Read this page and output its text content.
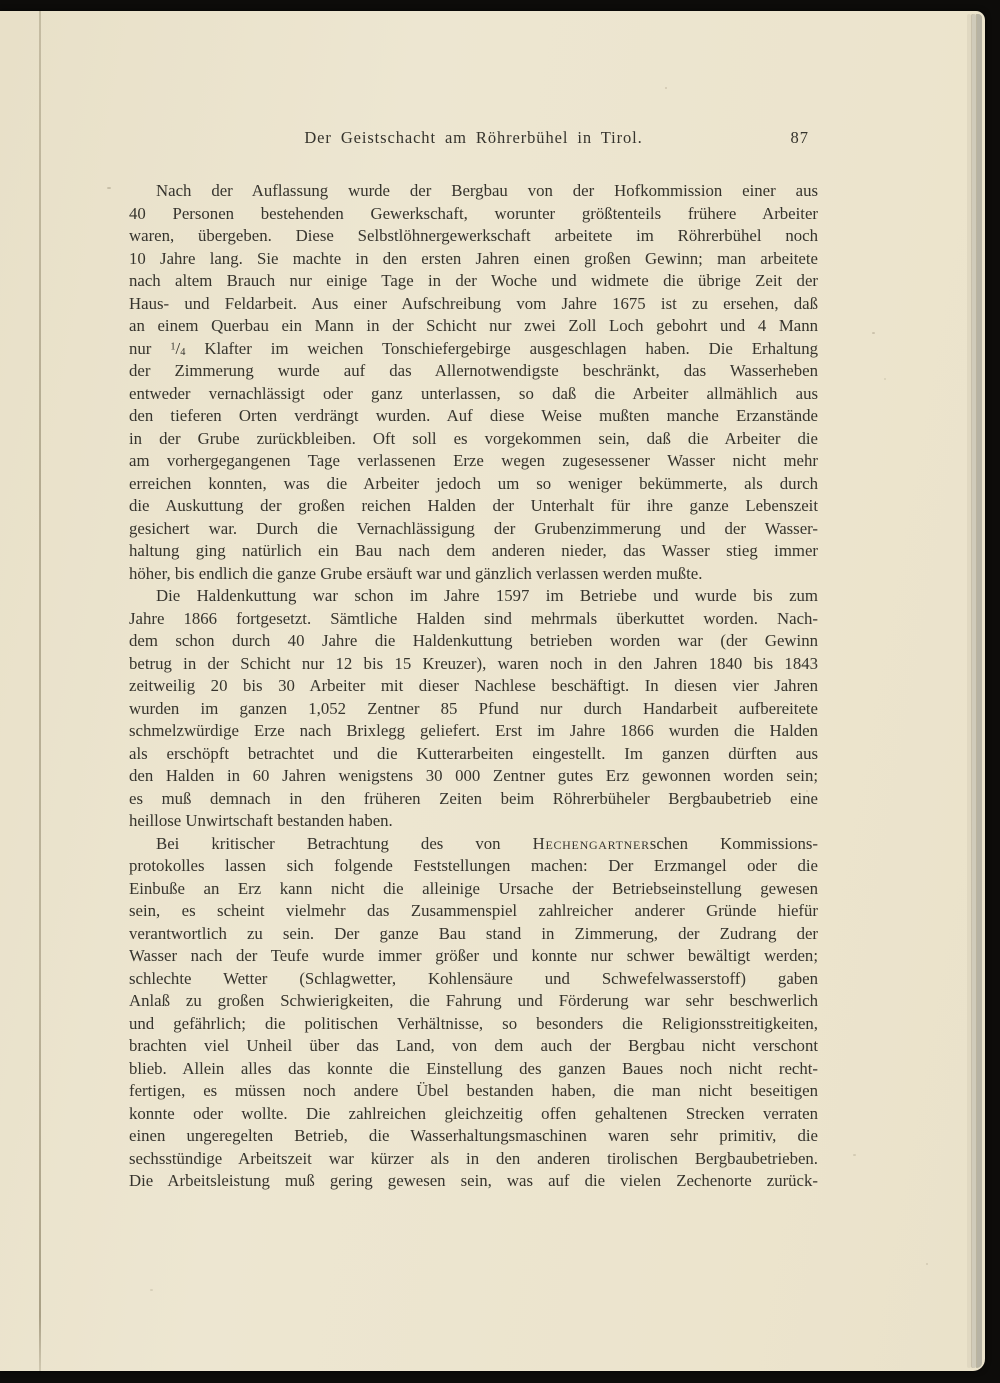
Der Geistschacht am Röhrerbühel in Tirol.	87
Nach der Auflassung wurde der Bergbau von der Hofkommission einer aus
40 Personen bestehenden Gewerkschaft, worunter größtenteils frühere Arbeiter
waren, übergeben. Diese Selbstlöhnergewerkschaft arbeitete im Röhrerbühel noch
10 Jahre lang. Sie machte in den ersten Jahren einen großen Gewinn; man arbeitete
nach altem Brauch nur einige Tage in der Woche und widmete die übrige Zeit der
Haus- und Feldarbeit. Aus einer Aufschreibung vom Jahre 1675 ist zu ersehen, daß
an einem Querbau ein Mann in der Schicht nur zwei Zoll Loch gebohrt und 4 Mann
nur $^1$/4 Klafter im weichen Tonschiefergebirge ausgeschlagen haben. Die Erhaltung
der Zimmerung wurde auf das Allernotwendigste beschränkt, das Wasserheben
entweder vernachlässigt oder ganz unterlassen, so daß die Arbeiter allmählich aus
den tieferen Orten verdrängt wurden. Auf diese Weise mußten manche Erzanstände
in der Grube zurückbleiben. Oft soll es vorgekommen sein, daß die Arbeiter die
am vorhergegangenen Tage verlassenen Erze wegen zugesessener Wasser nicht mehr
erreichen konnten, was die Arbeiter jedoch um so weniger bekümmerte, als durch
die Auskuttung der großen reichen Halden der Unterhalt für ihre ganze Lebenszeit
gesichert war. Durch die Vernachlässigung der Grubenzimmerung und der Wasser-
haltung ging natürlich ein Bau nach dem anderen nieder, das Wasser stieg immer
höher, bis endlich die ganze Grube ersäuft war und gänzlich verlassen werden mußte.
Die Haldenkuttung war schon im Jahre 1597 im Betriebe und wurde bis zum
Jahre 1866 fortgesetzt. Sämtliche Halden sind mehrmals überkuttet worden. Nach-
dem schon durch 40 Jahre die Haldenkuttung betrieben worden war (der Gewinn
betrug in der Schicht nur 12 bis 15 Kreuzer), waren noch in den Jahren 1840 bis 1843
zeitweilig 20 bis 30 Arbeiter mit dieser Nachlese beschäftigt. In diesen vier Jahren
wurden im ganzen 1,052 Zentner 85 Pfund nur durch Handarbeit aufbereitete
schmelzwürdige Erze nach Brixlegg geliefert. Erst im Jahre 1866 wurden die Halden
als erschöpft betrachtet und die Kutterarbeiten eingestellt. Im ganzen dürften aus
den Halden in 60 Jahren wenigstens 30 000 Zentner gutes Erz gewonnen worden sein;
es muß demnach in den früheren Zeiten beim Röhrerbüheler Bergbaubetrieb eine
heillose Unwirtschaft bestanden haben.
Bei kritischer Betrachtung des von Hechengartnerschen Kommissions-
protokolles lassen sich folgende Feststellungen machen: Der Erzmangel oder die
Einbuße an Erz kann nicht die alleinige Ursache der Betriebseinstellung gewesen
sein, es scheint vielmehr das Zusammenspiel zahlreicher anderer Gründe hiefür
verantwortlich zu sein. Der ganze Bau stand in Zimmerung, der Zudrang der
Wasser nach der Teufe wurde immer größer und konnte nur schwer bewältigt werden;
schlechte Wetter (Schlagwetter, Kohlensäure und Schwefelwasserstoff) gaben
Anlaß zu großen Schwierigkeiten, die Fahrung und Förderung war sehr beschwerlich
und gefährlich; die politischen Verhältnisse, so besonders die Religionsstreitigkeiten,
brachten viel Unheil über das Land, von dem auch der Bergbau nicht verschont
blieb. Allein alles das konnte die Einstellung des ganzen Baues noch nicht recht-
fertigen, es müssen noch andere Übel bestanden haben, die man nicht beseitigen
konnte oder wollte. Die zahlreichen gleichzeitig offen gehaltenen Strecken verraten
einen ungeregelten Betrieb, die Wasserhaltungsmaschinen waren sehr primitiv, die
sechsstündige Arbeitszeit war kürzer als in den anderen tirolischen Bergbaubetrieben.
Die Arbeitsleistung muß gering gewesen sein, was auf die vielen Zechenorte zurück-
